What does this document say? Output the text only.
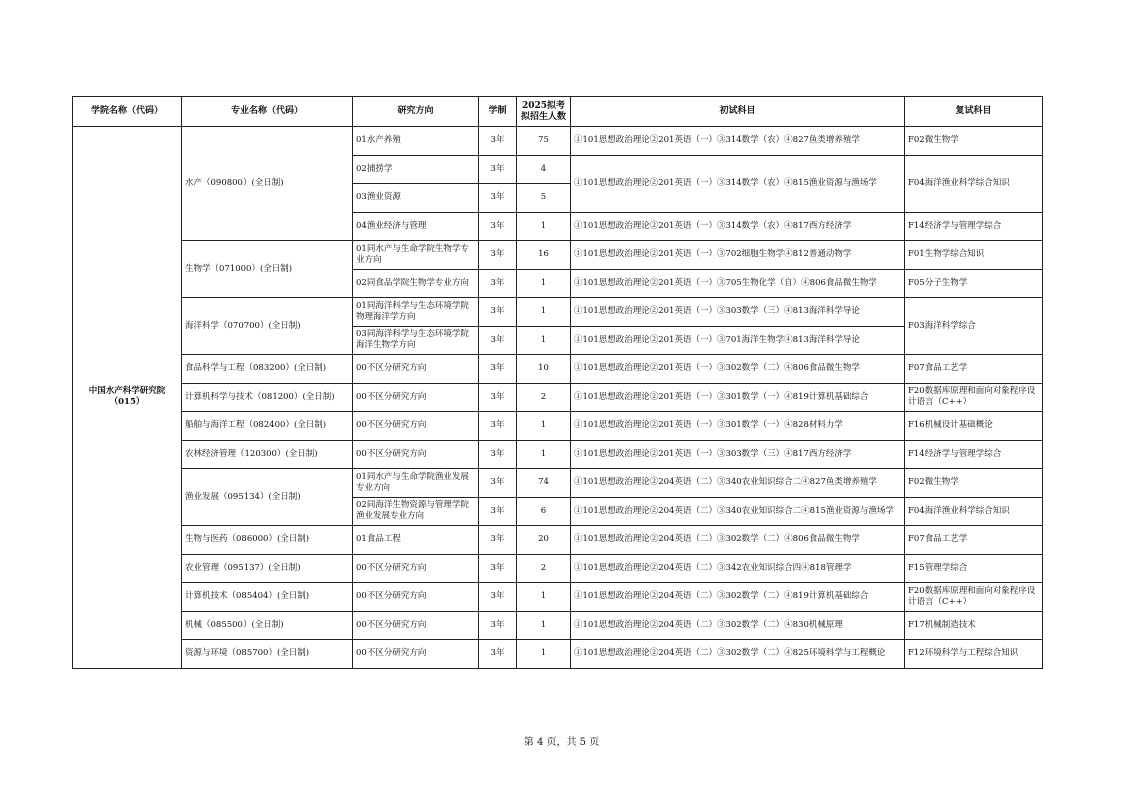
学院名称（代码）	专业名称（代码）	研究方向	学制	2025拟考拟招生人数	初试科目	复试科目

中国水产科学研究院
（015）	水产（090800）(全日制)	01水产养殖	3年	75	①101思想政治理论②201英语（一）③314数学（农）④827鱼类增养殖学	F02微生物学
		02捕捞学	3年	4	①101思想政治理论②201英语（一）③314数学（农）④815渔业资源与渔场学	F04海洋渔业科学综合知识
		03渔业资源	3年	5		
		04渔业经济与管理	3年	1	①101思想政治理论②201英语（一）③314数学（农）④817西方经济学	F14经济学与管理学综合
	生物学（071000）(全日制)	01同水产与生命学院生物学专业方向	3年	16	①101思想政治理论②201英语（一）③702细胞生物学④812普通动物学	F01生物学综合知识
		02同食品学院生物学专业方向	3年	1	①101思想政治理论②201英语（一）③705生物化学（自）④806食品微生物学	F05分子生物学
	海洋科学（070700）(全日制)	01同海洋科学与生态环境学院物理海洋学方向	3年	1	①101思想政治理论②201英语（一）③303数学（三）④813海洋科学导论	F03海洋科学综合
		03同海洋科学与生态环境学院海洋生物学方向	3年	1	①101思想政治理论②201英语（一）③701海洋生物学④813海洋科学导论	
	食品科学与工程（083200）(全日制)	00不区分研究方向	3年	10	①101思想政治理论②201英语（一）③302数学（二）④806食品微生物学	F07食品工艺学
	计算机科学与技术（081200）(全日制)	00不区分研究方向	3年	2	①101思想政治理论②201英语（一）③301数学（一）④819计算机基础综合	F20数据库原理和面向对象程序设计语言（C++）
	船舶与海洋工程（082400）(全日制)	00不区分研究方向	3年	1	①101思想政治理论②201英语（一）③301数学（一）④828材料力学	F16机械设计基础概论
	农林经济管理（120300）(全日制)	00不区分研究方向	3年	1	①101思想政治理论②201英语（一）③303数学（三）④817西方经济学	F14经济学与管理学综合
	渔业发展（095134）(全日制)	01同水产与生命学院渔业发展专业方向	3年	74	①101思想政治理论②204英语（二）③340农业知识综合二④827鱼类增养殖学	F02微生物学
		02同海洋生物资源与管理学院渔业发展专业方向	3年	6	①101思想政治理论②204英语（二）③340农业知识综合二④815渔业资源与渔场学	F04海洋渔业科学综合知识
	生物与医药（086000）(全日制)	01食品工程	3年	20	①101思想政治理论②204英语（二）③302数学（二）④806食品微生物学	F07食品工艺学
	农业管理（095137）(全日制)	00不区分研究方向	3年	2	①101思想政治理论②204英语（二）③342农业知识综合四④818管理学	F15管理学综合
	计算机技术（085404）(全日制)	00不区分研究方向	3年	1	①101思想政治理论②204英语（二）③302数学（二）④819计算机基础综合	F20数据库原理和面向对象程序设计语言（C++）
	机械（085500）(全日制)	00不区分研究方向	3年	1	①101思想政治理论②204英语（二）③302数学（二）④830机械原理	F17机械制造技术
	资源与环境（085700）(全日制)	00不区分研究方向	3年	1	①101思想政治理论②204英语（二）③302数学（二）④825环境科学与工程概论	F12环境科学与工程综合知识
第 4 页，共 5 页
